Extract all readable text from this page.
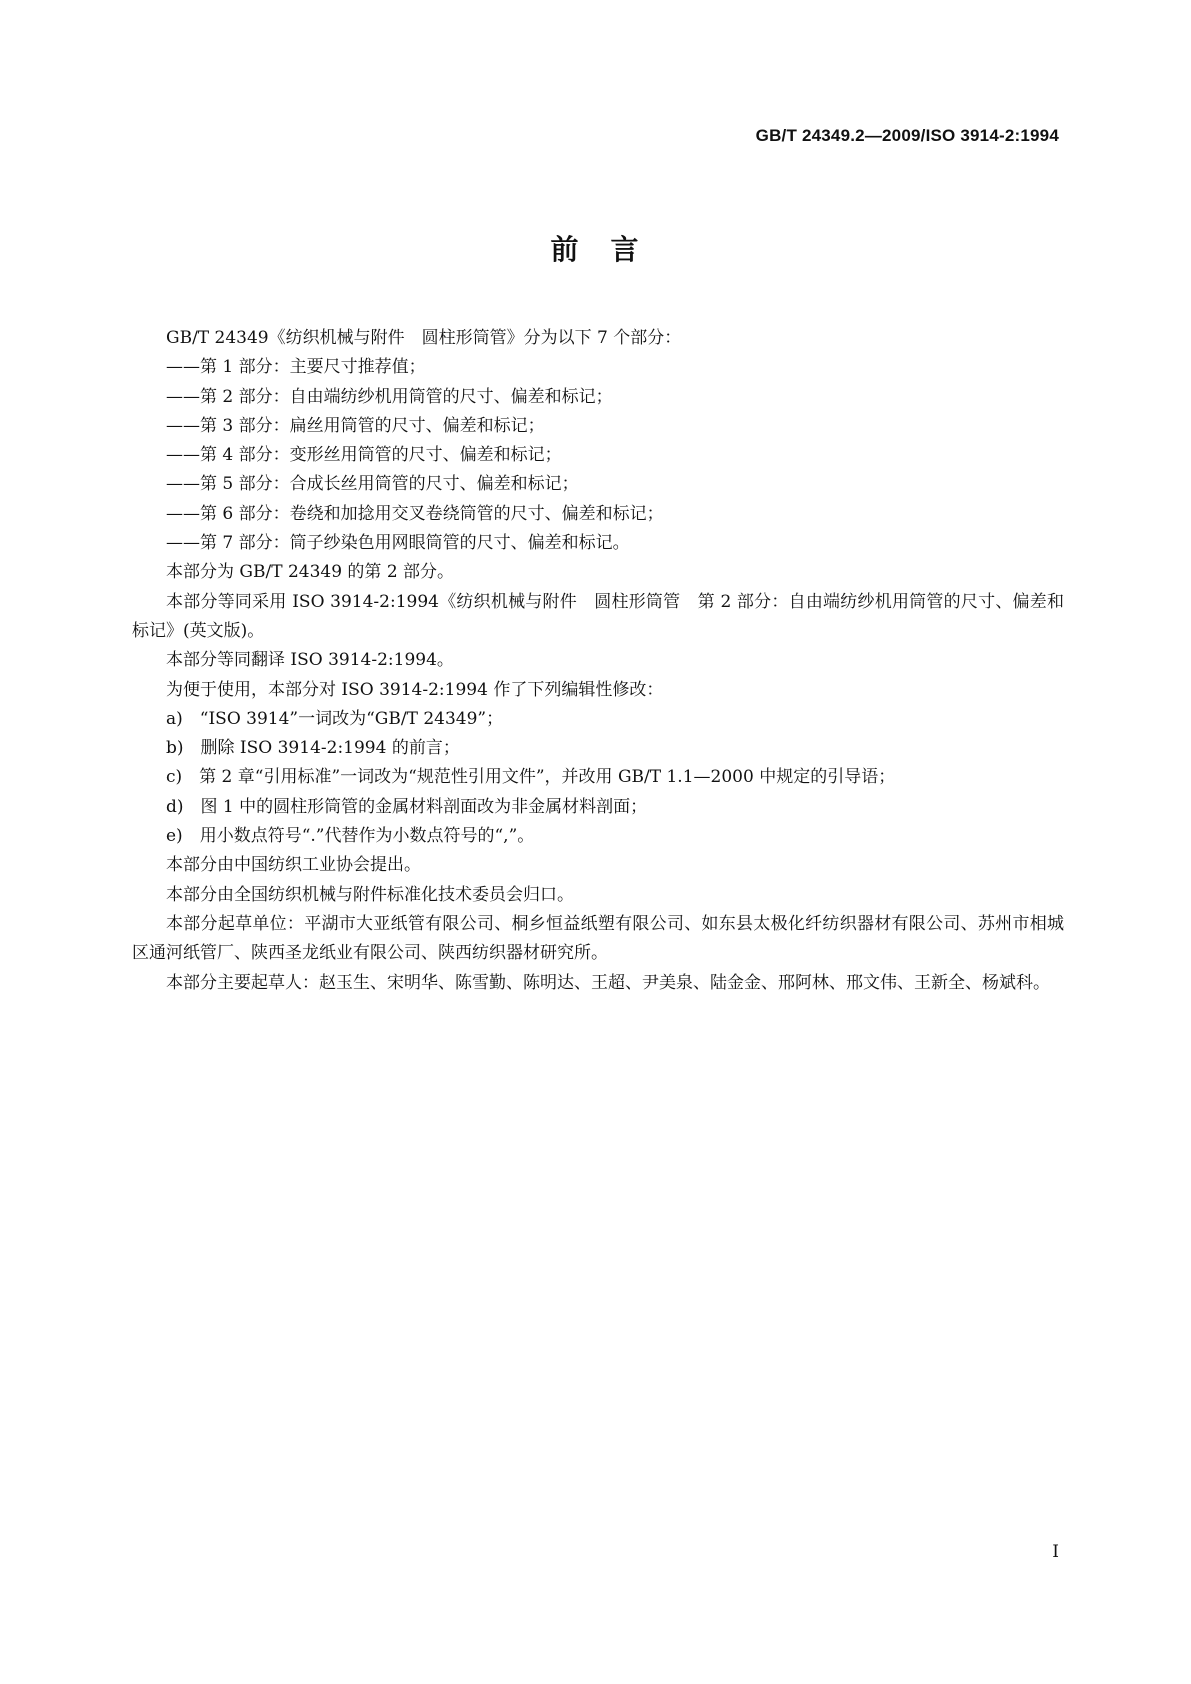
GB/T 24349.2—2009/ISO 3914-2:1994
前　言

GB/T 24349《纺织机械与附件　圆柱形筒管》分为以下 7 个部分：

——第 1 部分：主要尺寸推荐值；

——第 2 部分：自由端纺纱机用筒管的尺寸、偏差和标记；

——第 3 部分：扁丝用筒管的尺寸、偏差和标记；

——第 4 部分：变形丝用筒管的尺寸、偏差和标记；

——第 5 部分：合成长丝用筒管的尺寸、偏差和标记；

——第 6 部分：卷绕和加捻用交叉卷绕筒管的尺寸、偏差和标记；

——第 7 部分：筒子纱染色用网眼筒管的尺寸、偏差和标记。

本部分为 GB/T 24349 的第 2 部分。

本部分等同采用 ISO 3914-2:1994《纺织机械与附件　圆柱形筒管　第 2 部分：自由端纺纱机用筒管的尺寸、偏差和标记》(英文版)。

本部分等同翻译 ISO 3914-2:1994。

为便于使用，本部分对 ISO 3914-2:1994 作了下列编辑性修改：

a)　“ISO 3914”一词改为“GB/T 24349”；

b)　删除 ISO 3914-2:1994 的前言；

c)　第 2 章“引用标准”一词改为“规范性引用文件”，并改用 GB/T 1.1—2000 中规定的引导语；

d)　图 1 中的圆柱形筒管的金属材料剖面改为非金属材料剖面；

e)　用小数点符号“.”代替作为小数点符号的“,”。

本部分由中国纺织工业协会提出。

本部分由全国纺织机械与附件标准化技术委员会归口。

本部分起草单位：平湖市大亚纸管有限公司、桐乡恒益纸塑有限公司、如东县太极化纤纺织器材有限公司、苏州市相城区通河纸管厂、陕西圣龙纸业有限公司、陕西纺织器材研究所。

本部分主要起草人：赵玉生、宋明华、陈雪勤、陈明达、王超、尹美泉、陆金金、邢阿林、邢文伟、王新全、杨斌科。

I
